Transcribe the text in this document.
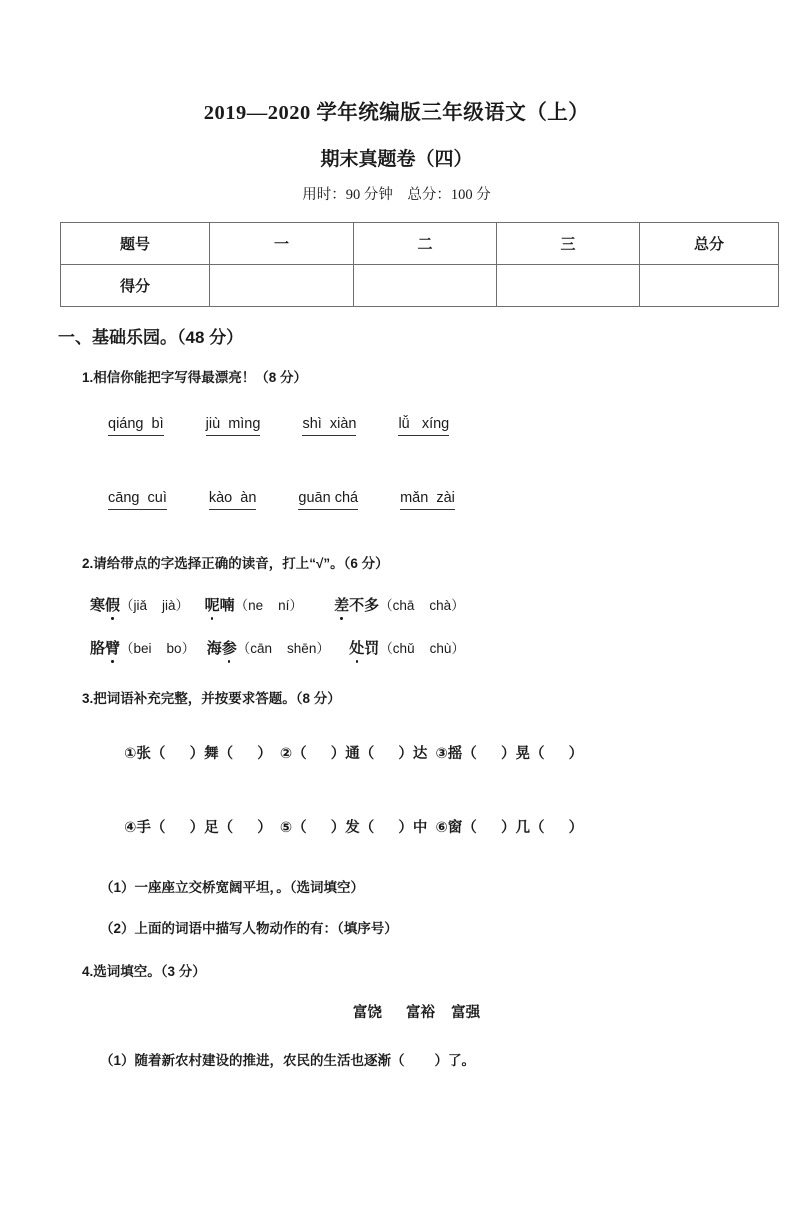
2019—2020 学年统编版三年级语文（上）
期末真题卷（四）
用时：90 分钟    总分：100 分
题号	一	二	三	总分
得分				
一、基础乐园。（48 分）
1.相信你能把字写得最漂亮！（8 分）
qiáng  bì	jiù  mìng	shì  xiàn	lǚ   xíng
cāng  cuì	kào  àn	guān chá	mǎn  zài
2.请给带点的字选择正确的读音，打上“√”。（6 分）
寒 假 （jiǎ    jià）
呢 喃 （ne    ní）
差 不多 （chā    chà）
胳 臂 （bei    bo）
海 参 （cān    shēn）
处 罚 （chǔ    chù）
3.把词语补充完整，并按要求答题。（8 分）

①张（      ）舞（      ） ②（      ）通（      ）达 ③摇（      ）晃（      ）

④手（      ）足（      ） ⑤（      ）发（      ）中 ⑥窗（      ）几（      ）

（1）一座座立交桥宽阔平坦，。（选词填空）
（2）上面的词语中描写人物动作的有：（填序号）
4.选词填空。（3 分）
富饶      富裕    富强
（1）随着新农村建设的推进，农民的生活也逐渐（        ）了。
